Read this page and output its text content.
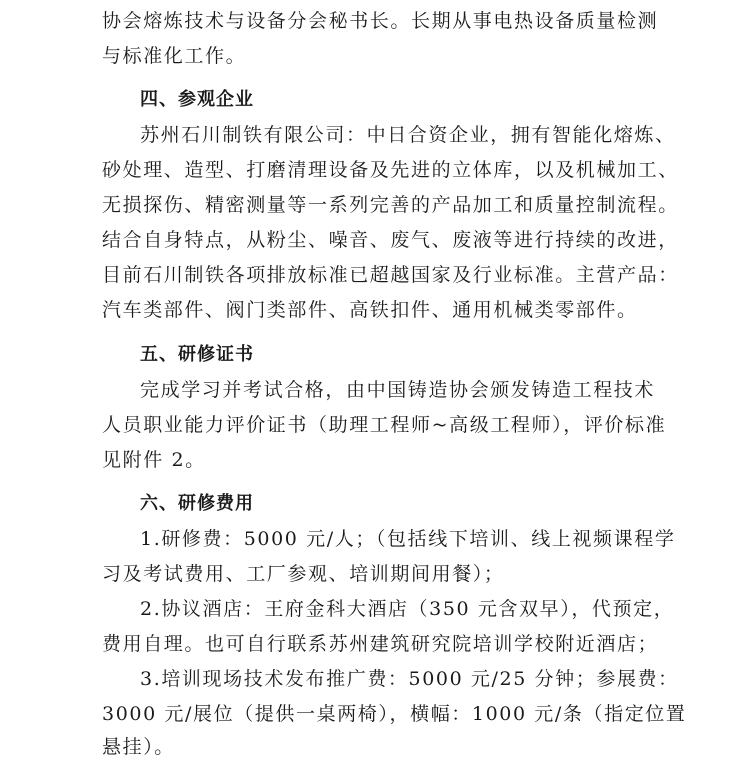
协会熔炼技术与设备分会秘书长。长期从事电热设备质量检测
与标准化工作。
四、参观企业
苏州石川制铁有限公司：中日合资企业，拥有智能化熔炼、
砂处理、造型、打磨清理设备及先进的立体库，以及机械加工、
无损探伤、精密测量等一系列完善的产品加工和质量控制流程。
结合自身特点，从粉尘、噪音、废气、废液等进行持续的改进，
目前石川制铁各项排放标准已超越国家及行业标准。主营产品：
汽车类部件、阀门类部件、高铁扣件、通用机械类零部件。
五、研修证书
完成学习并考试合格，由中国铸造协会颁发铸造工程技术
人员职业能力评价证书（助理工程师~高级工程师），评价标准
见附件 2。
六、研修费用
1.研修费：5000 元/人；（包括线下培训、线上视频课程学
习及考试费用、工厂参观、培训期间用餐）；
2.协议酒店：王府金科大酒店（350 元含双早），代预定，
费用自理。也可自行联系苏州建筑研究院培训学校附近酒店；
3.培训现场技术发布推广费：5000 元/25 分钟；参展费：
3000 元/展位（提供一桌两椅），横幅：1000 元/条（指定位置
悬挂）。
